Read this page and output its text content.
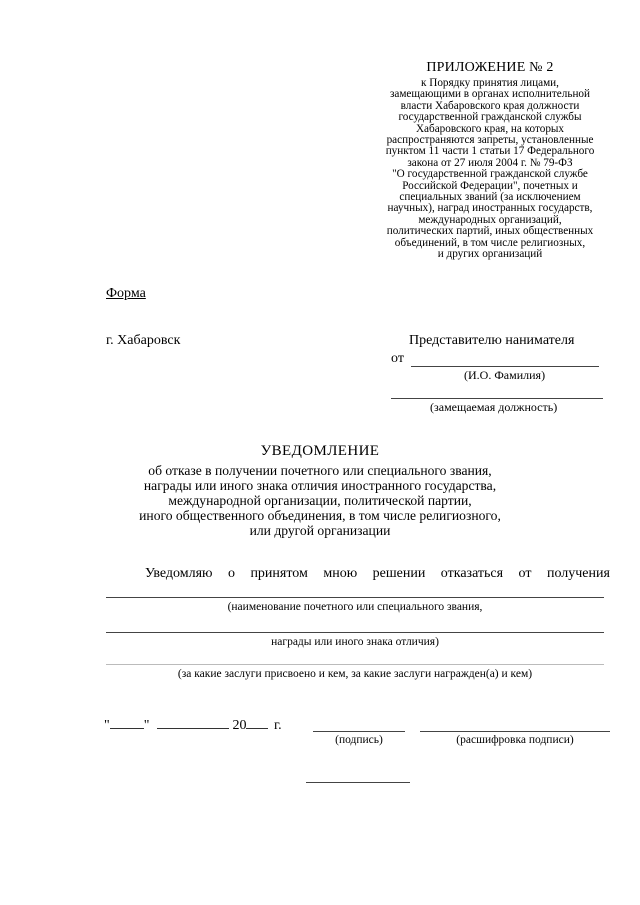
ПРИЛОЖЕНИЕ № 2
к Порядку принятия лицами,
замещающими в органах исполнительной
власти Хабаровского края должности
государственной гражданской службы
Хабаровского края, на которых
распространяются запреты, установленные
пунктом 11 части 1 статьи 17 Федерального
закона от 27 июля 2004 г. № 79-ФЗ
"О государственной гражданской службе
Российской Федерации", почетных и
специальных званий (за исключением
научных), наград иностранных государств,
международных организаций,
политических партий, иных общественных
объединений, в том числе религиозных,
и других организаций
Форма
г. Хабаровск	Представителю нанимателя
от
(И.О. Фамилия)
(замещаемая должность)
УВЕДОМЛЕНИЕ
об отказе в получении почетного или специального звания,
награды или иного знака отличия иностранного государства,
международной организации, политической партии,
иного общественного объединения, в том числе религиозного,
или другой организации
Уведомляю о принятом мною решении отказаться от получения
(наименование почетного или специального звания,
награды или иного знака отличия)
(за какие заслуги присвоено и кем, за какие заслуги награжден(а) и кем)
" "	20 г.
(подпись)	(расшифровка подписи)
